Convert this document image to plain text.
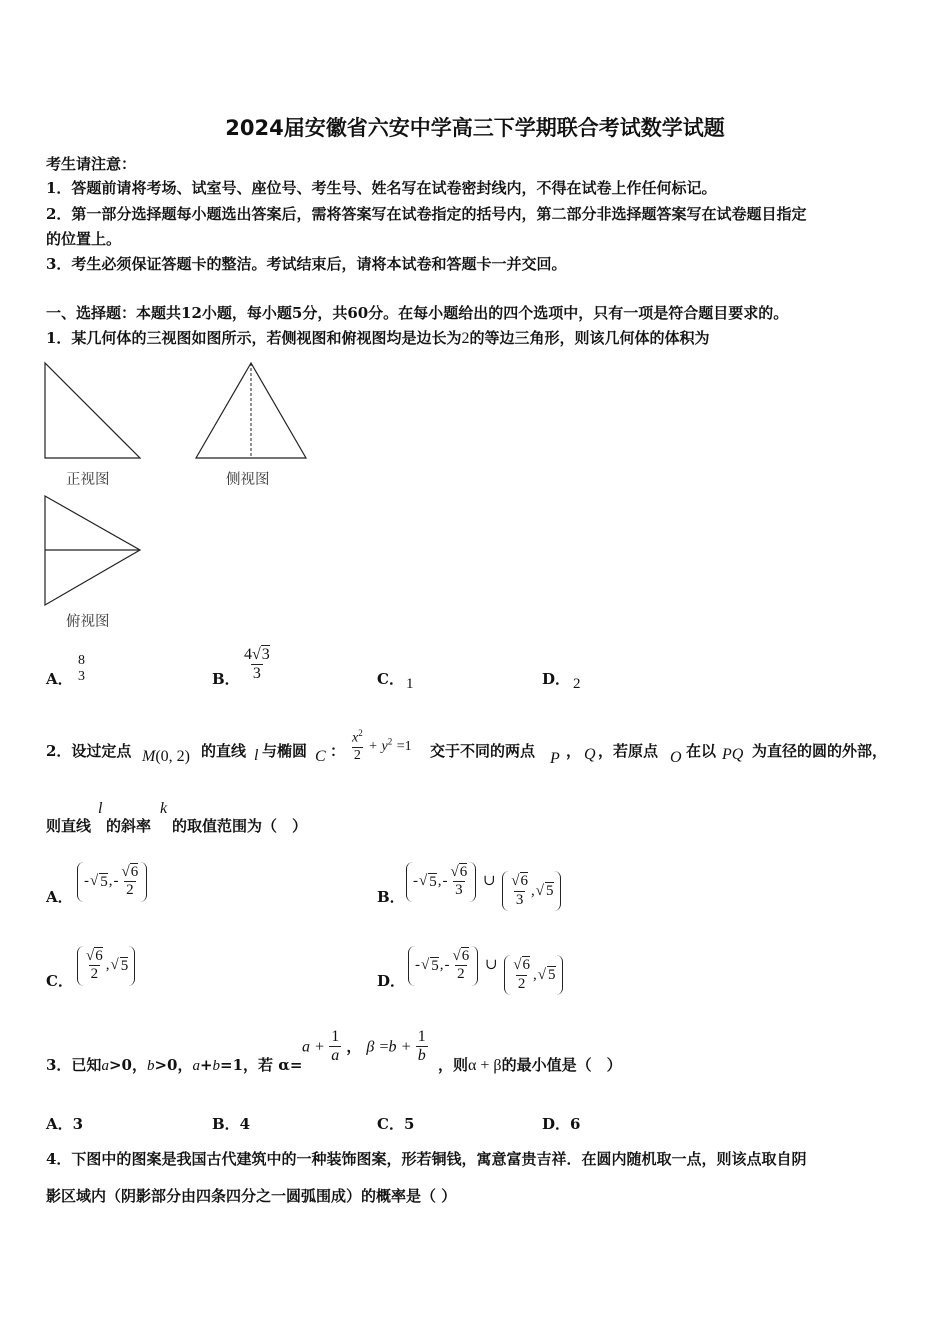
2024届安徽省六安中学高三下学期联合考试数学试题
考生请注意：
1．答题前请将考场、试室号、座位号、考生号、姓名写在试卷密封线内，不得在试卷上作任何标记。
2．第一部分选择题每小题选出答案后，需将答案写在试卷指定的括号内，第二部分非选择题答案写在试卷题目指定
的位置上。
3．考生必须保证答题卡的整洁。考试结束后，请将本试卷和答题卡一并交回。
一、选择题：本题共12小题，每小题5分，共60分。在每小题给出的四个选项中，只有一项是符合题目要求的。
1．某几何体的三视图如图所示，若侧视图和俯视图均是边长为2的等边三角形，则该几何体的体积为
正视图	侧视图
俯视图
A．
8
3	B． $\frac{4√3}{3}$	C． 1	D． 2
2．设过定点 M(0, 2) 的直线 l 与椭圆 C ： $\frac{x^2}{2} + y^2 =1$ 交于不同的两点 P ， Q ，若原点 O 在以 PQ 为直径的圆的外部，
则直线
l
的斜率
k
的取值范围为（　）
A．
- √ 5 , - $\frac{√6}{2}$	B．
- √ 5 , - $\frac{√6}{3}$ ∪ $\frac{√6}{3}$ , √ 5
C． $\frac{√6}{2}$ , √ 5
D．
- √ 5 , - $\frac{√6}{2}$ ∪ $\frac{√6}{2}$ , √ 5
3．已知a>0，b>0，a+b=1，若 α=
$a + \frac{1}{a}$ ， $\beta =b + \frac{1}{b}$ ，则α + β的最小值是（　）
A．3	B．4	C．5	D．6
4．下图中的图案是我国古代建筑中的一种装饰图案，形若铜钱，寓意富贵吉祥．在圆内随机取一点，则该点取自阴
影区域内（阴影部分由四条四分之一圆弧围成）的概率是（ ）
